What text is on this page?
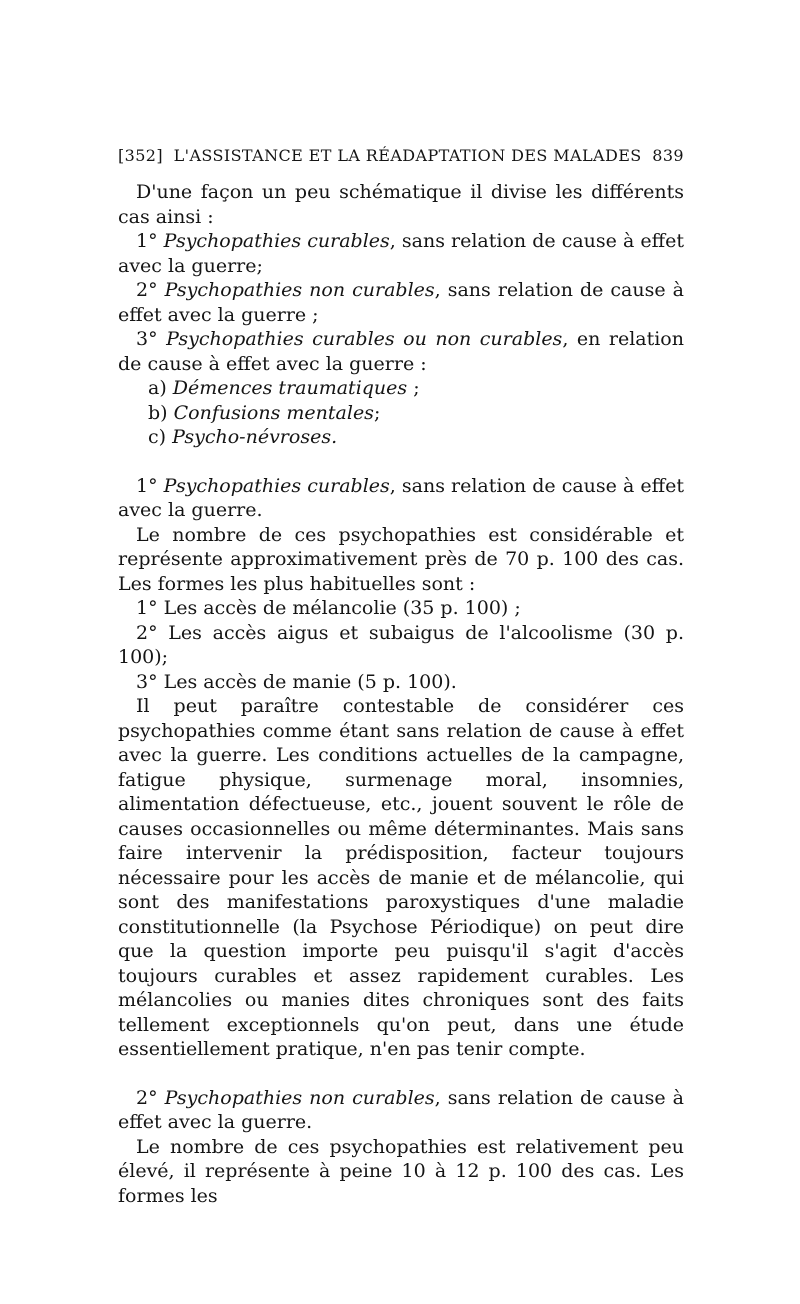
[352] L'ASSISTANCE ET LA RÉADAPTATION DES MALADES 839

D'une façon un peu schématique il divise les différents cas ainsi :

1° Psychopathies curables, sans relation de cause à effet avec la guerre;

2° Psychopathies non curables, sans relation de cause à effet avec la guerre ;

3° Psychopathies curables ou non curables, en relation de cause à effet avec la guerre :

a) Démences traumatiques ;

b) Confusions mentales;

c) Psycho-névroses.

1° Psychopathies curables, sans relation de cause à effet avec la guerre.

Le nombre de ces psychopathies est considérable et représente approximativement près de 70 p. 100 des cas. Les formes les plus habituelles sont :

1° Les accès de mélancolie (35 p. 100) ;

2° Les accès aigus et subaigus de l'alcoolisme (30 p. 100);

3° Les accès de manie (5 p. 100).

Il peut paraître contestable de considérer ces psychopathies comme étant sans relation de cause à effet avec la guerre. Les conditions actuelles de la campagne, fatigue physique, surmenage moral, insomnies, alimentation défectueuse, etc., jouent souvent le rôle de causes occasionnelles ou même déterminantes. Mais sans faire intervenir la prédisposition, facteur toujours nécessaire pour les accès de manie et de mélancolie, qui sont des manifestations paroxystiques d'une maladie constitutionnelle (la Psychose Périodique) on peut dire que la question importe peu puisqu'il s'agit d'accès toujours curables et assez rapidement curables. Les mélancolies ou manies dites chroniques sont des faits tellement exceptionnels qu'on peut, dans une étude essentiellement pratique, n'en pas tenir compte.

2° Psychopathies non curables, sans relation de cause à effet avec la guerre.

Le nombre de ces psychopathies est relativement peu élevé, il représente à peine 10 à 12 p. 100 des cas. Les formes les
